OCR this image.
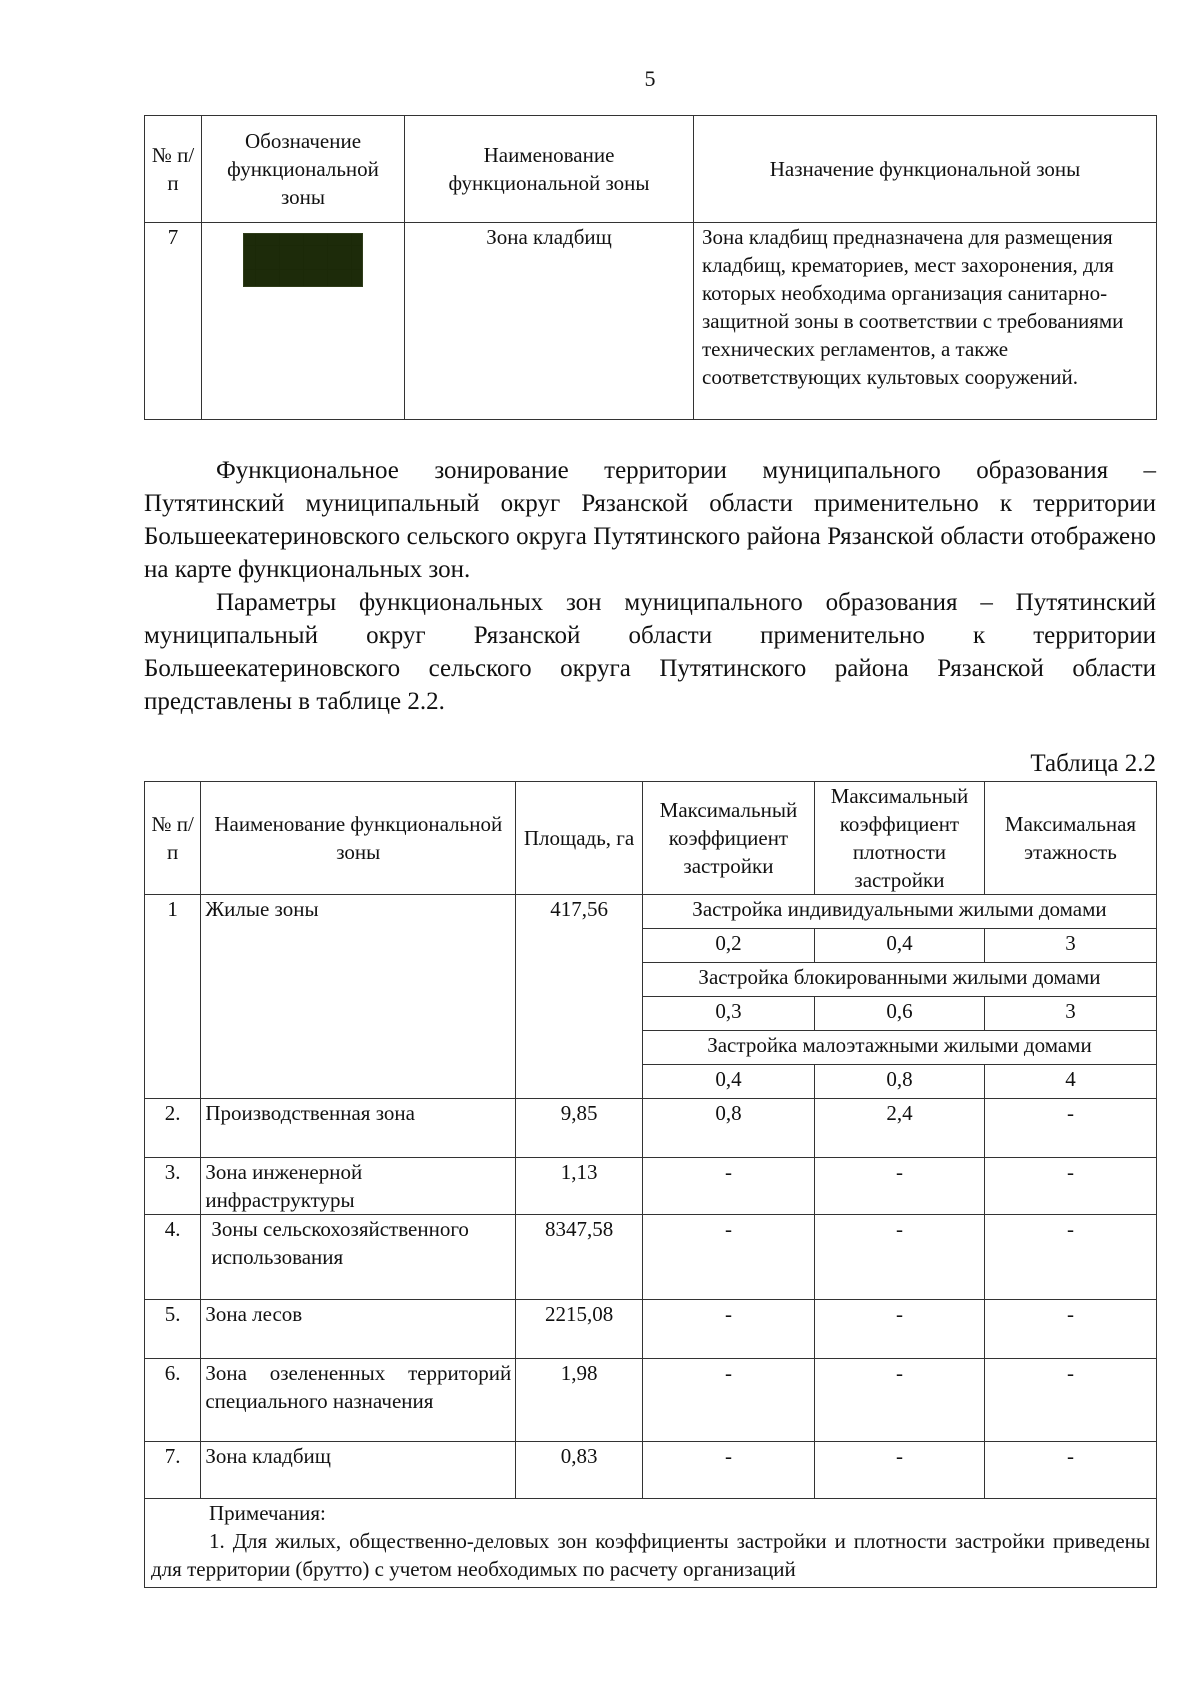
5
№ п/п	Обозначение функциональной зоны	Наименование функциональной зоны	Назначение функциональной зоны
7		Зона кладбищ	Зона кладбищ предназначена для размещения кладбищ, крематориев, мест захоронения, для которых необходима организация санитарно-защитной зоны в соответствии с требованиями технических регламентов, а также соответствующих культовых сооружений.

Функциональное зонирование территории муниципального образования – Путятинский муниципальный округ Рязанской области применительно к территории Большеекатериновского сельского округа Путятинского района Рязанской области отображено на карте функциональных зон.

Параметры функциональных зон муниципального образования – Путятинский муниципальный округ Рязанской области применительно к территории Большеекатериновского сельского округа Путятинского района Рязанской области представлены в таблице 2.2.

Таблица 2.2
№ п/п	Наименование функциональной зоны	Площадь, га	Максимальный коэффициент застройки	Максимальный коэффициент плотности застройки	Максимальная этажность
1	Жилые зоны	417,56	Застройка индивидуальными жилыми домами		
			0,2	0,4	3
			Застройка блокированными жилыми домами		
			0,3	0,6	3
			Застройка малоэтажными жилыми домами		
			0,4	0,8	4
2.	Производственная зона	9,85	0,8	2,4	-
3.	Зона инженерной инфраструктуры	1,13	-	-	-
4.	Зоны сельскохозяйственного использования	8347,58	-	-	-
5.	Зона лесов	2215,08	-	-	-
6.	Зона озелененных территорий специального назначения	1,98	-	-	-
7.	Зона кладбищ	0,83	-	-	-

Примечания:
1. Для жилых, общественно-деловых зон коэффициенты застройки и плотности застройки приведены для территории (брутто) с учетом необходимых по расчету организаций					
